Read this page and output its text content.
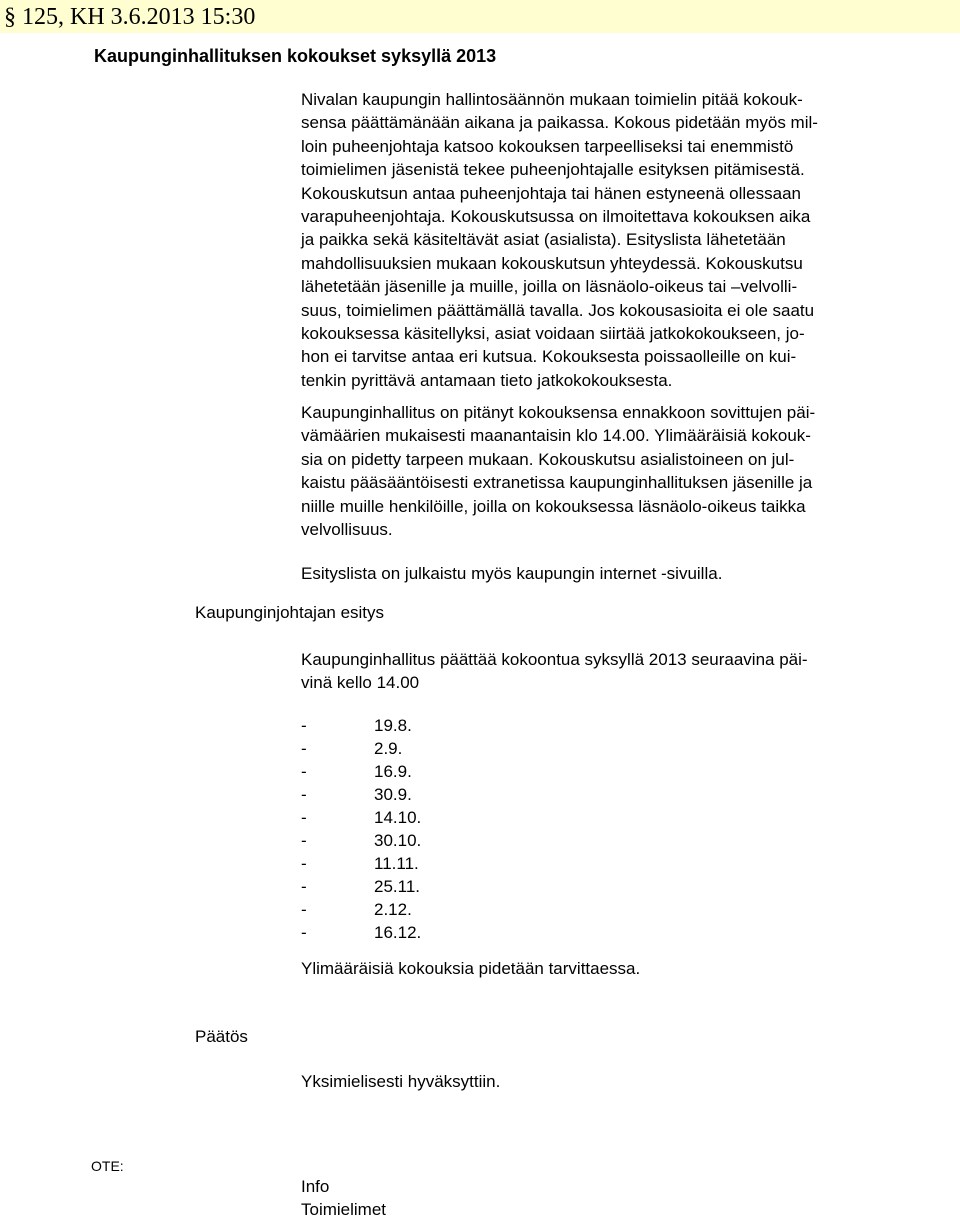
§ 125, KH 3.6.2013 15:30
Kaupunginhallituksen kokoukset syksyllä 2013

Nivalan kaupungin hallintosäännön mukaan toimielin pitää kokouk-
sensa päättämänään aikana ja paikassa. Kokous pidetään myös mil-
loin puheenjohtaja katsoo kokouksen tarpeelliseksi tai enemmistö
toimielimen jäsenistä tekee puheenjohtajalle esityksen pitämisestä.
Kokouskutsun antaa puheenjohtaja tai hänen estyneenä ollessaan
varapuheenjohtaja. Kokouskutsussa on ilmoitettava kokouksen aika
ja paikka sekä käsiteltävät asiat (asialista). Esityslista lähetetään
mahdollisuuksien mukaan kokouskutsun yhteydessä. Kokouskutsu
lähetetään jäsenille ja muille, joilla on läsnäolo-oikeus tai –velvolli-
suus, toimielimen päättämällä tavalla. Jos kokousasioita ei ole saatu
kokouksessa käsitellyksi, asiat voidaan siirtää jatkokokoukseen, jo-
hon ei tarvitse antaa eri kutsua. Kokouksesta poissaolleille on kui-
tenkin pyrittävä antamaan tieto jatkokokouksesta.

Kaupunginhallitus on pitänyt kokouksensa ennakkoon sovittujen päi-
vämäärien mukaisesti maanantaisin klo 14.00. Ylimääräisiä kokouk-
sia on pidetty tarpeen mukaan. Kokouskutsu asialistoineen on jul-
kaistu pääsääntöisesti extranetissa kaupunginhallituksen jäsenille ja
niille muille henkilöille, joilla on kokouksessa läsnäolo-oikeus taikka
velvollisuus.

Esityslista on julkaistu myös kaupungin internet -sivuilla.

Kaupunginjohtajan esitys

Kaupunginhallitus päättää kokoontua syksyllä 2013 seuraavina päi-
vinä kello 14.00

-	19.8.
-	2.9.
-	16.9.
-	30.9.
-	14.10.
-	30.10.
-	11.11.
-	25.11.
-	2.12.
-	16.12.

Ylimääräisiä kokouksia pidetään tarvittaessa.

Päätös

Yksimielisesti hyväksyttiin.

OTE:
Info
Toimielimet
